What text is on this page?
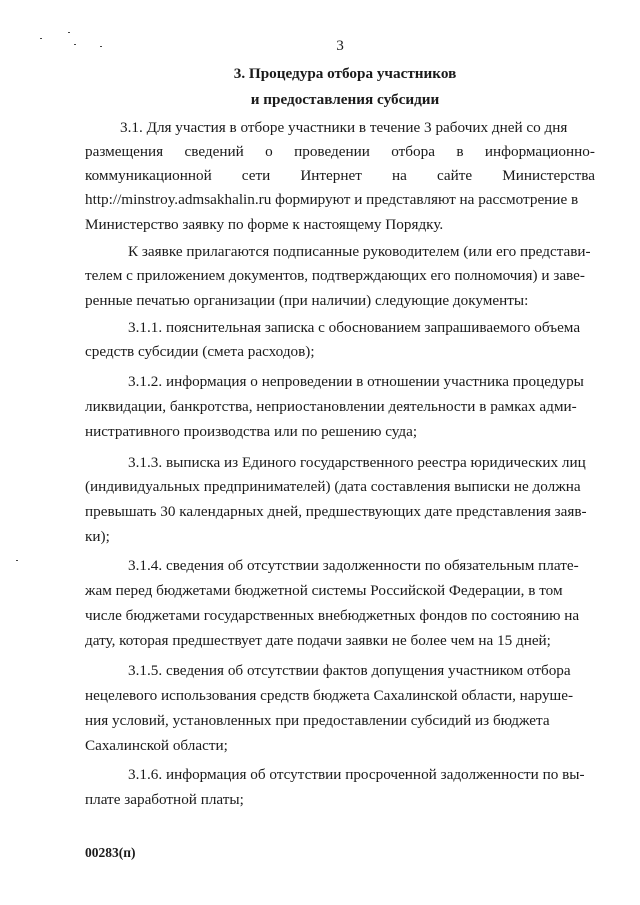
3
3. Процедура отбора участников
и предоставления субсидии
3.1. Для участия в отборе участники в течение 3 рабочих дней со дня
размещения сведений о проведении отбора в информационно-
коммуникационной сети Интернет на сайте Министерства
http://minstroy.admsakhalin.ru формируют и представляют на рассмотрение в
Министерство заявку по форме к настоящему Порядку.
К заявке прилагаются подписанные руководителем (или его представи-
телем с приложением документов, подтверждающих его полномочия) и заве-
ренные печатью организации (при наличии) следующие документы:
3.1.1. пояснительная записка с обоснованием запрашиваемого объема
средств субсидии (смета расходов);
3.1.2. информация о непроведении в отношении участника процедуры
ликвидации, банкротства, неприостановлении деятельности в рамках адми-
нистративного производства или по решению суда;
3.1.3. выписка из Единого государственного реестра юридических лиц
(индивидуальных предпринимателей) (дата составления выписки не должна
превышать 30 календарных дней, предшествующих дате представления заяв-
ки);
3.1.4. сведения об отсутствии задолженности по обязательным плате-
жам перед бюджетами бюджетной системы Российской Федерации, в том
числе бюджетами государственных внебюджетных фондов по состоянию на
дату, которая предшествует дате подачи заявки не более чем на 15 дней;
3.1.5. сведения об отсутствии фактов допущения участником отбора
нецелевого использования средств бюджета Сахалинской области, наруше-
ния условий, установленных при предоставлении субсидий из бюджета
Сахалинской области;
3.1.6. информация об отсутствии просроченной задолженности по вы-
плате заработной платы;
00283(п)
